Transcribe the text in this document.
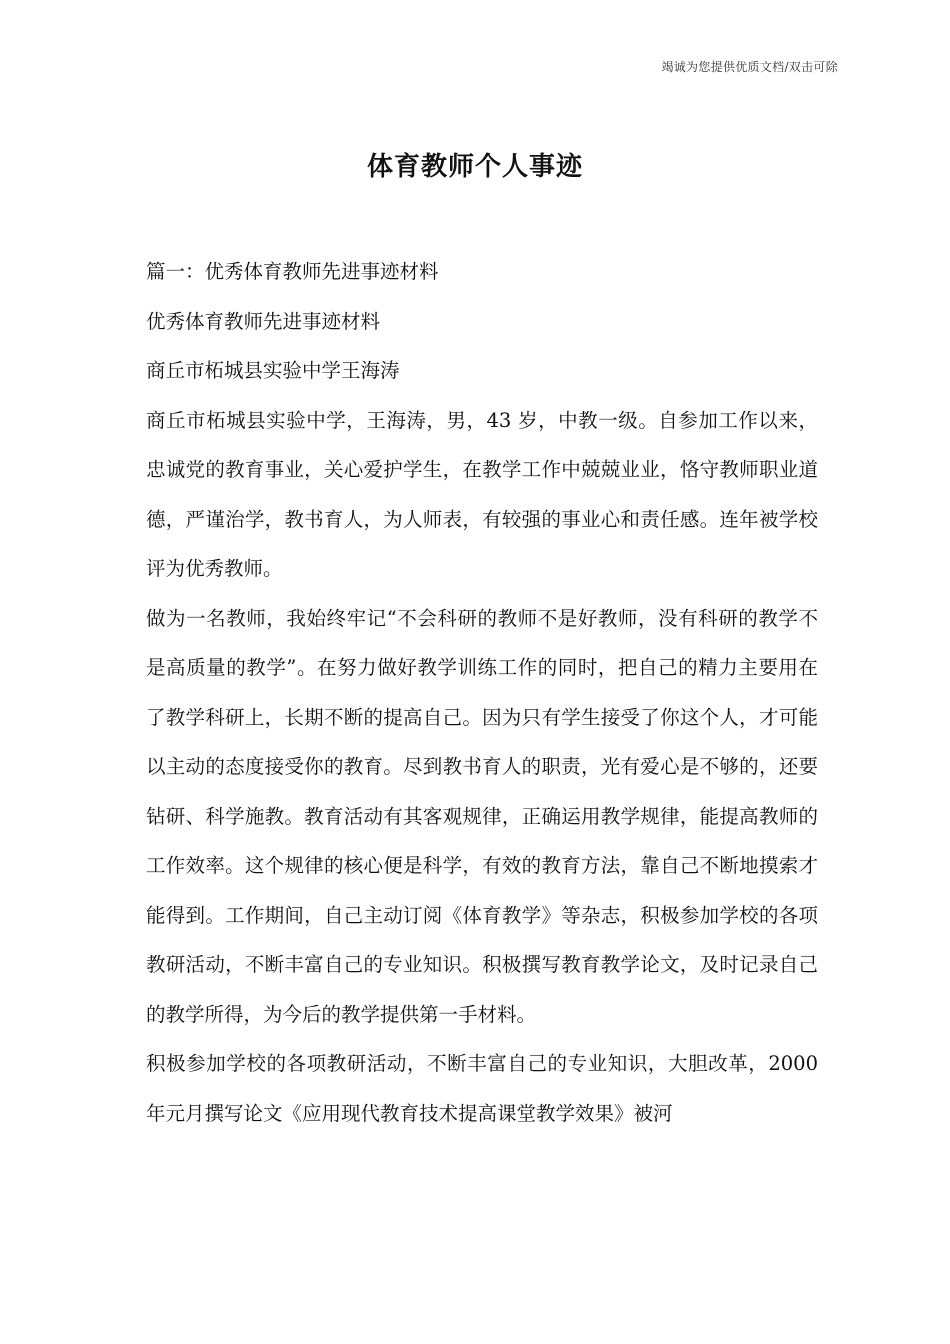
竭诚为您提供优质文档/双击可除
体育教师个人事迹

篇一：优秀体育教师先进事迹材料

优秀体育教师先进事迹材料

商丘市柘城县实验中学王海涛

商丘市柘城县实验中学，王海涛，男，43 岁，中教一级。自参加工作以来，忠诚党的教育事业，关心爱护学生，在教学工作中兢兢业业，恪守教师职业道德，严谨治学，教书育人，为人师表，有较强的事业心和责任感。连年被学校评为优秀教师。

做为一名教师，我始终牢记“不会科研的教师不是好教师，没有科研的教学不是高质量的教学”。在努力做好教学训练工作的同时，把自己的精力主要用在了教学科研上，长期不断的提高自己。因为只有学生接受了你这个人，才可能以主动的态度接受你的教育。尽到教书育人的职责，光有爱心是不够的，还要钻研、科学施教。教育活动有其客观规律，正确运用教学规律，能提高教师的工作效率。这个规律的核心便是科学，有效的教育方法，靠自己不断地摸索才能得到。工作期间，自己主动订阅《体育教学》等杂志，积极参加学校的各项教研活动，不断丰富自己的专业知识。积极撰写教育教学论文，及时记录自己的教学所得，为今后的教学提供第一手材料。

积极参加学校的各项教研活动，不断丰富自己的专业知识，大胆改革，2000 年元月撰写论文《应用现代教育技术提高课堂教学效果》被河
